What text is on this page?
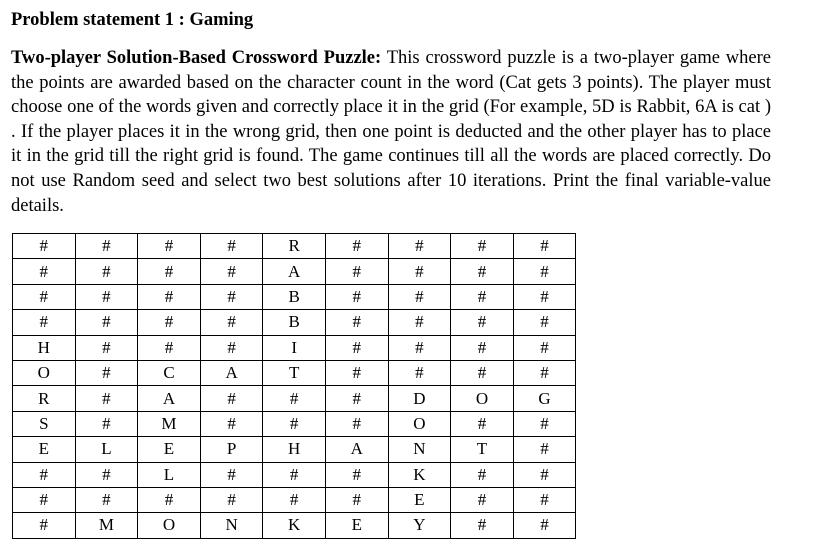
Problem statement 1 : Gaming
Two-player Solution-Based Crossword Puzzle: This crossword puzzle is a two-player game where the points are awarded based on the character count in the word (Cat gets 3 points). The player must choose one of the words given and correctly place it in the grid (For example, 5D is Rabbit, 6A is cat ) . If the player places it in the wrong grid, then one point is deducted and the other player has to place it in the grid till the right grid is found. The game continues till all the words are placed correctly. Do not use Random seed and select two best solutions after 10 iterations. Print the final variable-value details.
#	#	#	#	R	#	#	#	#
#	#	#	#	A	#	#	#	#
#	#	#	#	B	#	#	#	#
#	#	#	#	B	#	#	#	#
H	#	#	#	I	#	#	#	#
O	#	C	A	T	#	#	#	#
R	#	A	#	#	#	D	O	G
S	#	M	#	#	#	O	#	#
E	L	E	P	H	A	N	T	#
#	#	L	#	#	#	K	#	#
#	#	#	#	#	#	E	#	#
#	M	O	N	K	E	Y	#	#
